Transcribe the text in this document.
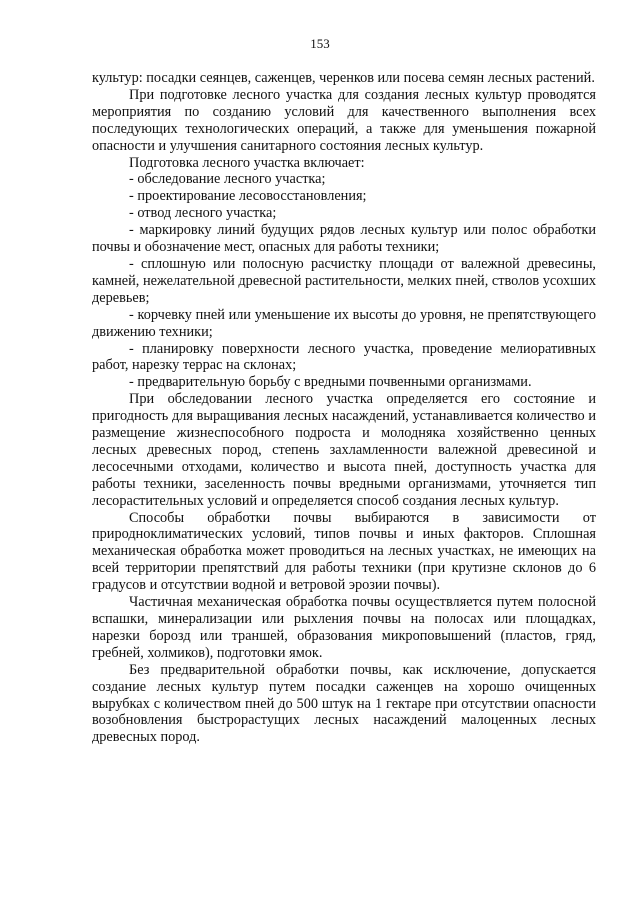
153

культур: посадки сеянцев, саженцев, черенков или посева семян лесных растений.

При подготовке лесного участка для создания лесных культур проводятся мероприятия по созданию условий для качественного выполнения всех последующих технологических операций, а также для уменьшения пожарной опасности и улучшения санитарного состояния лесных культур.

Подготовка лесного участка включает:

- обследование лесного участка;

- проектирование лесовосстановления;

- отвод лесного участка;

- маркировку линий будущих рядов лесных культур или полос обработки почвы и обозначение мест, опасных для работы техники;

- сплошную или полосную расчистку площади от валежной древесины, камней, нежелательной древесной растительности, мелких пней, стволов усохших деревьев;

- корчевку пней или уменьшение их высоты до уровня, не препятствующего движению техники;

- планировку поверхности лесного участка, проведение мелиоративных работ, нарезку террас на склонах;

- предварительную борьбу с вредными почвенными организмами.

При обследовании лесного участка определяется его состояние и пригодность для выращивания лесных насаждений, устанавливается количество и размещение жизнеспособного подроста и молодняка хозяйственно ценных лесных древесных пород, степень захламленности валежной древесиной и лесосечными отходами, количество и высота пней, доступность участка для работы техники, заселенность почвы вредными организмами, уточняется тип лесорастительных условий и определяется способ создания лесных культур.

Способы обработки почвы выбираются в зависимости от природноклиматических условий, типов почвы и иных факторов. Сплошная механическая обработка может проводиться на лесных участках, не имеющих на всей территории препятствий для работы техники (при крутизне склонов до 6 градусов и отсутствии водной и ветровой эрозии почвы).

Частичная механическая обработка почвы осуществляется путем полосной вспашки, минерализации или рыхления почвы на полосах или площадках, нарезки борозд или траншей, образования микроповышений (пластов, гряд, гребней, холмиков), подготовки ямок.

Без предварительной обработки почвы, как исключение, допускается создание лесных культур путем посадки саженцев на хорошо очищенных вырубках с количеством пней до 500 штук на 1 гектаре при отсутствии опасности возобновления быстрорастущих лесных насаждений малоценных лесных древесных пород.
